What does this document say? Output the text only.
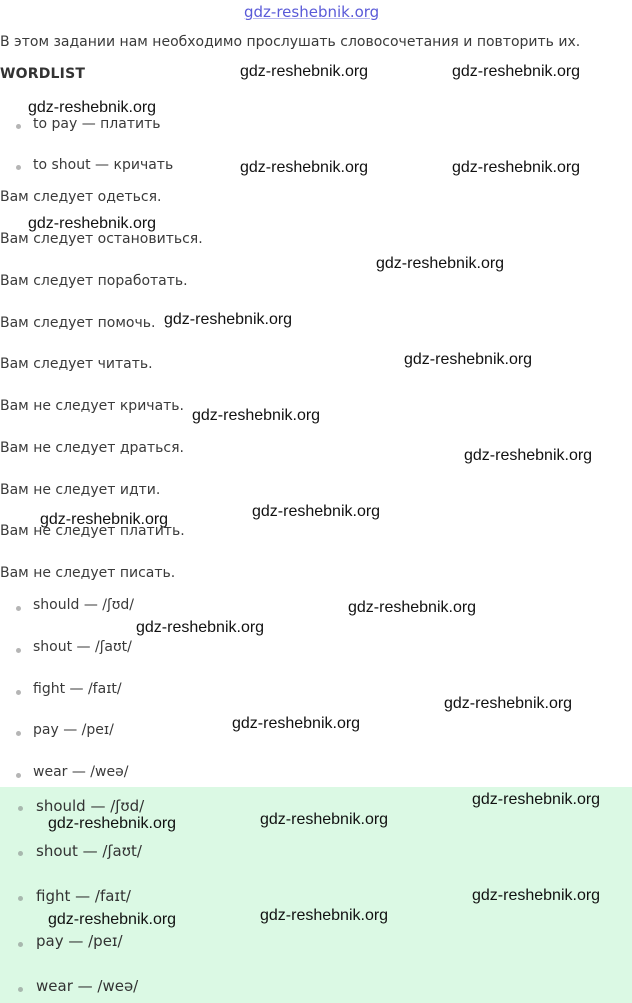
gdz-reshebnik.org
В этом задании нам необходимо прослушать словосочетания и повторить их.
WORDLIST
to pay — платить
to shout — кричать
Вам следует одеться.
Вам следует остановиться.
Вам следует поработать.
Вам следует помочь.
Вам следует читать.
Вам не следует кричать.
Вам не следует драться.
Вам не следует идти.
Вам не следует платить.
Вам не следует писать.
should — /ʃʊd/
shout — /ʃaʊt/
fight — /faɪt/
pay — /peɪ/
wear — /weə/
should — /ʃʊd/
shout — /ʃaʊt/
fight — /faɪt/
pay — /peɪ/
wear — /weə/
gdz-reshebnik.org	gdz-reshebnik.org
gdz-reshebnik.org
gdz-reshebnik.org	gdz-reshebnik.org
gdz-reshebnik.org
gdz-reshebnik.org
gdz-reshebnik.org
gdz-reshebnik.org
gdz-reshebnik.org
gdz-reshebnik.org
gdz-reshebnik.org
gdz-reshebnik.org
gdz-reshebnik.org
gdz-reshebnik.org
gdz-reshebnik.org
gdz-reshebnik.org
gdz-reshebnik.org
gdz-reshebnik.org	gdz-reshebnik.org
gdz-reshebnik.org
gdz-reshebnik.org	gdz-reshebnik.org
